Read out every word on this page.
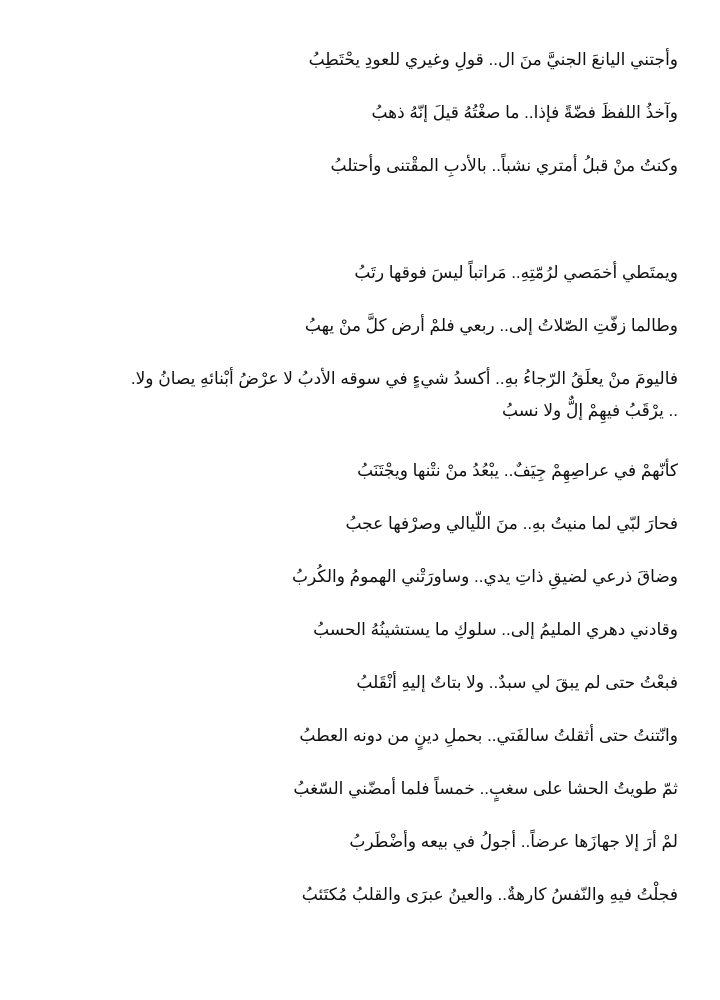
وأجتني اليانعَ الجنيَّ منَ ال.. قولِ وغيري للعودِ يحْتَطِبُ
وآخذُ اللفظَ فضّةً فإذا.. ما صغْتُهُ قيلَ إنّهُ ذهبُ
وكنتُ منْ قبلُ أمتري نشباً.. بالأدبِ المقْتنى وأحتلبُ
ويمتَطي أخمَصي لرُمّتِهِ.. مَراتباً ليسَ فوقها رتَبُ
وطالما زفّتِ الصّلاتُ إلى.. ربعي فلمْ أرض كلَّ منْ يهبُ
فاليومَ منْ يعلَقُ الرّجاءُ بهِ.. أكسدُ شيءٍ في سوقه الأدبُ لا عرْضُ أبْنائهِ يصانُ ولا.
.. يرْقَبُ فيهِمْ إلٌّ ولا نسبُ
كأنّهمْ في عراصِهِمْ جِيَفٌ.. يبْعُدُ منْ نتْنها ويجْتَنَبُ
فحارَ لبّي لما منيتُ بهِ.. منَ اللّيالي وصرْفها عجبُ
وضاقَ ذرعي لضيقِ ذاتِ يدي.. وساورَتْني الهمومُ والكُربُ
وقادني دهري المليمُ إلى.. سلوكِ ما يستشينُهُ الحسبُ
فبعْتُ حتى لم يبقَ لي سبدٌ.. ولا بتاتٌ إليهِ أنْقَلبُ
وانّتنتُ حتى أثقلتُ سالفَتي.. بحملِ دينٍ من دونه العطبُ
ثمّ طويتُ الحشا على سغبٍ.. خمساً فلما أمضّني السّغبُ
لمْ أرَ إلا جهازَها عرضاً.. أجولُ في بيعه وأضْطَربُ
فجلْتُ فيهِ والنّفسُ كارهةٌ.. والعينُ عبرَى والقلبُ مُكتَئبُ
